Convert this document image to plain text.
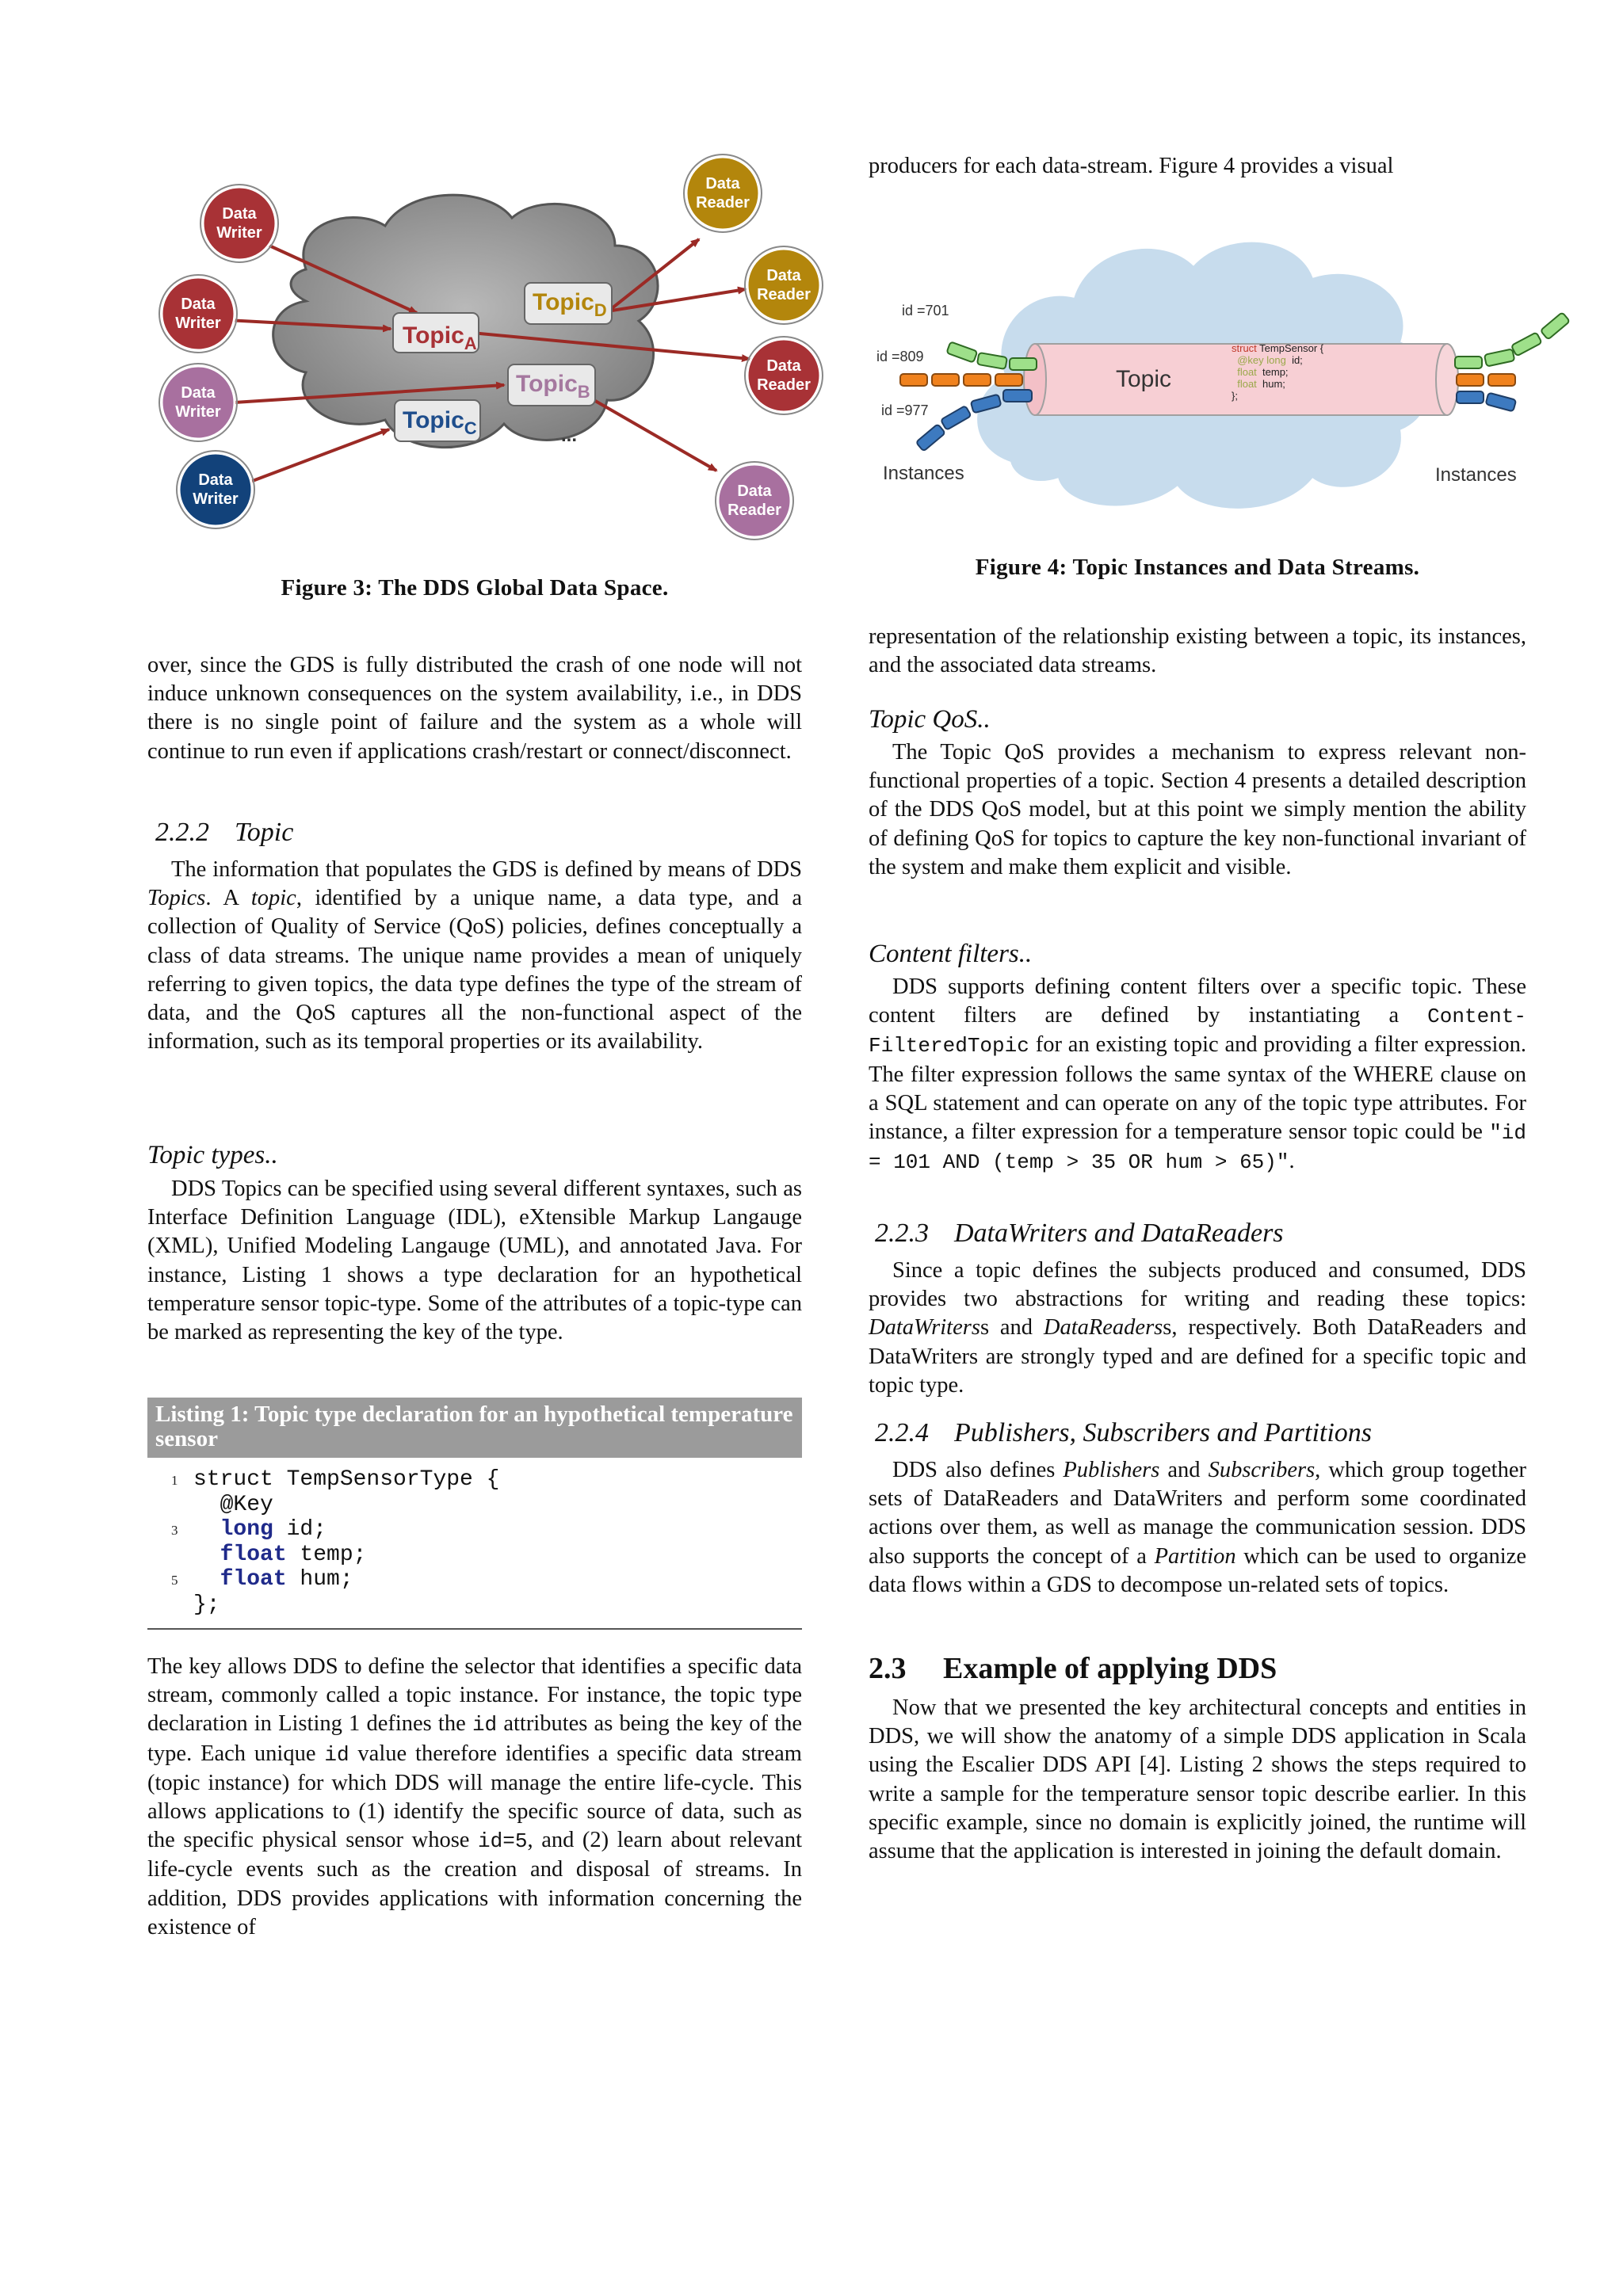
Topic$_A$
Topic$_B$
Topic$_C$
Topic$_D$
...
Data Writer
Data Writer
Data Writer
Data Writer
Data Reader
Data Reader
Data Reader
Data Reader
Figure 3: The DDS Global Data Space.

over, since the GDS is fully distributed the crash of one node will not induce unknown consequences on the system availability, i.e., in DDS there is no single point of failure and the system as a whole will continue to run even if applications crash/restart or connect/disconnect.

2.2.2 Topic

The information that populates the GDS is defined by means of DDS Topics. A topic, identified by a unique name, a data type, and a collection of Quality of Service (QoS) policies, defines conceptually a class of data streams. The unique name provides a mean of uniquely referring to given topics, the data type defines the type of the stream of data, and the QoS captures all the non-functional aspect of the information, such as its temporal properties or its availability.

Topic types..

DDS Topics can be specified using several different syntaxes, such as Interface Definition Language (IDL), eXtensible Markup Langauge (XML), Unified Modeling Langauge (UML), and annotated Java. For instance, Listing 1 shows a type declaration for an hypothetical temperature sensor topic-type. Some of the attributes of a topic-type can be marked as representing the key of the type.

Listing 1: Topic type declaration for an hypothetical temperature sensor
1 struct TempSensorType {
@Key
3 long id;
float temp;
5 float hum;
};

The key allows DDS to define the selector that identifies a specific data stream, commonly called a topic instance. For instance, the topic type declaration in Listing 1 defines the id attributes as being the key of the type. Each unique id value therefore identifies a specific data stream (topic instance) for which DDS will manage the entire life-cycle. This allows applications to (1) identify the specific source of data, such as the specific physical sensor whose id=5, and (2) learn about relevant life-cycle events such as the creation and disposal of streams. In addition, DDS provides applications with information concerning the existence of

producers for each data-stream. Figure 4 provides a visual

Topic
struct TempSensor {
@key long  id;
float  temp;
float  hum;
};
id =701
id =809
id =977
Instances	Instances
Figure 4: Topic Instances and Data Streams.

representation of the relationship existing between a topic, its instances, and the associated data streams.

Topic QoS..

The Topic QoS provides a mechanism to express relevant non-functional properties of a topic. Section 4 presents a detailed description of the DDS QoS model, but at this point we simply mention the ability of defining QoS for topics to capture the key non-functional invariant of the system and make them explicit and visible.

Content filters..

DDS supports defining content filters over a specific topic. These content filters are defined by instantiating a Content-FilteredTopic for an existing topic and providing a filter expression. The filter expression follows the same syntax of the WHERE clause on a SQL statement and can operate on any of the topic type attributes. For instance, a filter expression for a temperature sensor topic could be "id = 101 AND (temp > 35 OR hum > 65)".

2.2.3 DataWriters and DataReaders

Since a topic defines the subjects produced and consumed, DDS provides two abstractions for writing and reading these topics: DataWriterss and DataReaderss, respectively. Both DataReaders and DataWriters are strongly typed and are defined for a specific topic and topic type.

2.2.4 Publishers, Subscribers and Partitions

DDS also defines Publishers and Subscribers, which group together sets of DataReaders and DataWriters and perform some coordinated actions over them, as well as manage the communication session. DDS also supports the concept of a Partition which can be used to organize data flows within a GDS to decompose un-related sets of topics.

2.3 Example of applying DDS

Now that we presented the key architectural concepts and entities in DDS, we will show the anatomy of a simple DDS application in Scala using the Escalier DDS API [4]. Listing 2 shows the steps required to write a sample for the temperature sensor topic describe earlier. In this specific example, since no domain is explicitly joined, the runtime will assume that the application is interested in joining the default domain.
